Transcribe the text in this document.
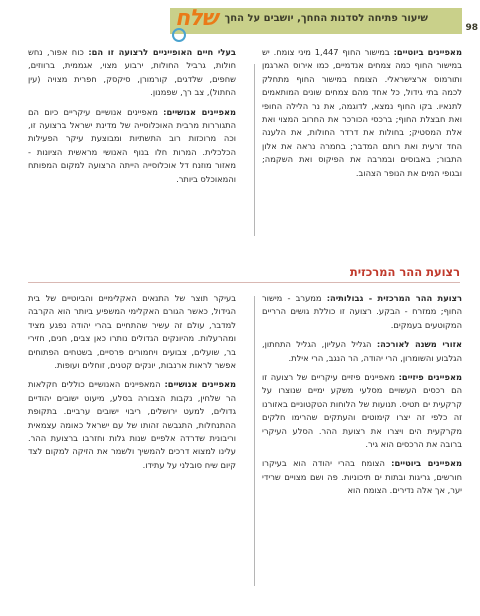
שיעור פתיחה לסדנות החחך, יושבים על החך
98
שלח

מאפיינים ביוטיים: במישור החוף 1,447 מיני צומח. יש במישור החוף כמה צמחים אנדמיים, כמו אירוס הארגמן ותורמוס ארצישראלי. הצומח במישור החוף מתחלק לכמה בתי גידול, כל אחד מהם צמחים שונים המותאמים לתנאיו. בקו החוף נמצא, לדוגמה, את נר הלילה החופי ואת חבצלת החוף; ברכסי הכורכר את החרוב המצוי ואת אלת המסטיק; בחולות את דרדר החולות, את הלענה החד זרעית ואת רותם המדבר; בחמרה נראה את אלון התבור; באבוסים ובמרבה את הפיקוס ואת השקמה; ובגופי המים את הנופר הצהוב.

בעלי חיים האופייניים לרצועה זו הם: כוח אפור, נחש חולות, גרביל החולות, ירבוע מצוי, אגממית, ברווזים, שחפים, שלדגים, קורמורן, סיקסק, חפרית מצויה (עין החתול), צב רך, שפמנון.

מאפיינים אנושיים: מאפיינים אנושיים עיקריים כיום הם התגוררות מרבית האוכלוסייה של מדינת ישראל ברצועה זו, וכה מרוכזות רוב התשתיות ומבוצעת עיקר הפעילות הכלכלית. המרות חלו בנוף האנושי מראשית הציונות - מאזור מוזנח דל אוכלוסייה הייתה הרצועה למקום המפותח והמאוכלס ביותר.

רצועת ההר המרכזית

רצועת ההר המרכזית - גבולותיה: ממערב - מישור החוף; ממזרח - הבקע. רצועה זו כוללת גושים הרריים המקוטעים בעמקים.

אזורי משנה לאורכה: הגליל העליון, הגליל התחתון, הגלבוע והשומרון, הרי יהודה, הר הנגב, הרי אילת.

מאפיינים פיזיים: מאפיינים פיזיים עיקריים של רצועה זו הם רכסים העשויים מסלעי משקע ימיים שנוצרו על קרקעית ים תטיס. תנועות של הלוחות הטקטוניים באזורנו זה כלפי זה יצרו קימוטים והעתקים שהרימו חלקים מקרקעית הים ויצרו את רצועת ההר. הסלע העיקרי ברובה את הרכסים הוא גיר.

מאפיינים ביוטיים: הצומח בהרי יהודה הוא בעיקרו חורשים, גריגות ובתות ים תיכוניות. פה ושם מצויים שרידי יער, אך אלה נדירים. הצומח הוא

בעיקר תוצר של התנאים האקלימיים והביוטיים של בית הגידול, כאשר הגורם האקלימי המשפיע ביותר הוא הקרבה למדבר, עולם זה עשיר שהתחיים בהרי יהודה נפגע מציד ומהרעלות. מהיונקים הגדולים נותרו כאן צבים, חנים, חזירי בר, שועלים, צבועים ויחמורים פרסיים, בשטחים הפתוחים אפשר לראות ארנבות, יונקים קטנים, זוחלים ועופות.

מאפיינים אנושיים: המאפיינים האנושיים כוללים חקלאות הר שלחין, נקבות הצבורה בסלע, מיעוט ישובים יהודיים גדולים, למעט ירושלים, ריבוי ישובים ערביים. בתקופת ההתנחלות, התגבשה זהותו של עם ישראל כאומה עצמאית וריבונית שדרדה אלפיים שנות גלות וחזרבו ברצועת ההר. עלינו למצוא דרכים להמשיך ולשמר את הזיקה למקום לצד קיום שיח סובלני על עתידו.
